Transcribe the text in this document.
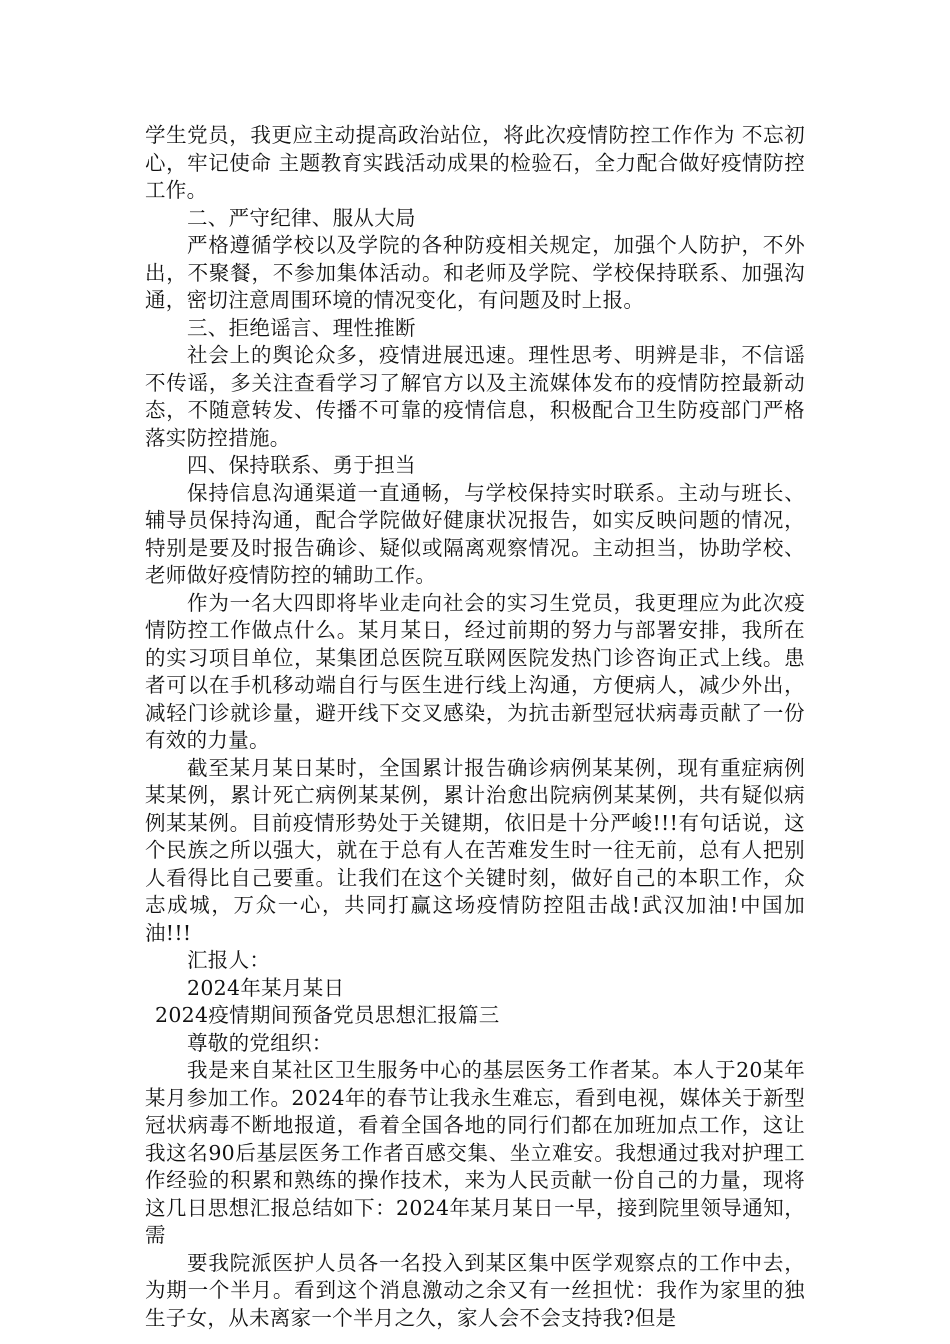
学生党员，我更应主动提高政治站位，将此次疫情防控工作作为 不忘初心，牢记使命 主题教育实践活动成果的检验石，全力配合做好疫情防控工作。

二、严守纪律、服从大局

严格遵循学校以及学院的各种防疫相关规定，加强个人防护，不外出，不聚餐，不参加集体活动。和老师及学院、学校保持联系、加强沟通，密切注意周围环境的情况变化，有问题及时上报。

三、拒绝谣言、理性推断

社会上的舆论众多，疫情进展迅速。理性思考、明辨是非，不信谣不传谣，多关注查看学习了解官方以及主流媒体发布的疫情防控最新动态，不随意转发、传播不可靠的疫情信息，积极配合卫生防疫部门严格落实防控措施。

四、保持联系、勇于担当

保持信息沟通渠道一直通畅，与学校保持实时联系。主动与班长、辅导员保持沟通，配合学院做好健康状况报告，如实反映问题的情况，特别是要及时报告确诊、疑似或隔离观察情况。主动担当，协助学校、老师做好疫情防控的辅助工作。

作为一名大四即将毕业走向社会的实习生党员，我更理应为此次疫情防控工作做点什么。某月某日，经过前期的努力与部署安排，我所在的实习项目单位，某集团总医院互联网医院发热门诊咨询正式上线。患者可以在手机移动端自行与医生进行线上沟通，方便病人，减少外出，减轻门诊就诊量，避开线下交叉感染，为抗击新型冠状病毒贡献了一份有效的力量。

截至某月某日某时，全国累计报告确诊病例某某例，现有重症病例某某例，累计死亡病例某某例，累计治愈出院病例某某例，共有疑似病例某某例。目前疫情形势处于关键期，依旧是十分严峻!!!有句话说，这个民族之所以强大，就在于总有人在苦难发生时一往无前，总有人把别人看得比自己要重。让我们在这个关键时刻，做好自己的本职工作，众志成城，万众一心，共同打赢这场疫情防控阻击战!武汉加油!中国加油!!!

汇报人：

2024年某月某日

2024疫情期间预备党员思想汇报篇三

尊敬的党组织：

我是来自某社区卫生服务中心的基层医务工作者某。本人于20某年某月参加工作。2024年的春节让我永生难忘，看到电视，媒体关于新型冠状病毒不断地报道，看着全国各地的同行们都在加班加点工作，这让我这名90后基层医务工作者百感交集、坐立难安。我想通过我对护理工作经验的积累和熟练的操作技术，来为人民贡献一份自己的力量，现将这几日思想汇报总结如下：2024年某月某日一早，接到院里领导通知，需

要我院派医护人员各一名投入到某区集中医学观察点的工作中去，为期一个半月。看到这个消息激动之余又有一丝担忧：我作为家里的独生子女，从未离家一个半月之久，家人会不会支持我?但是
